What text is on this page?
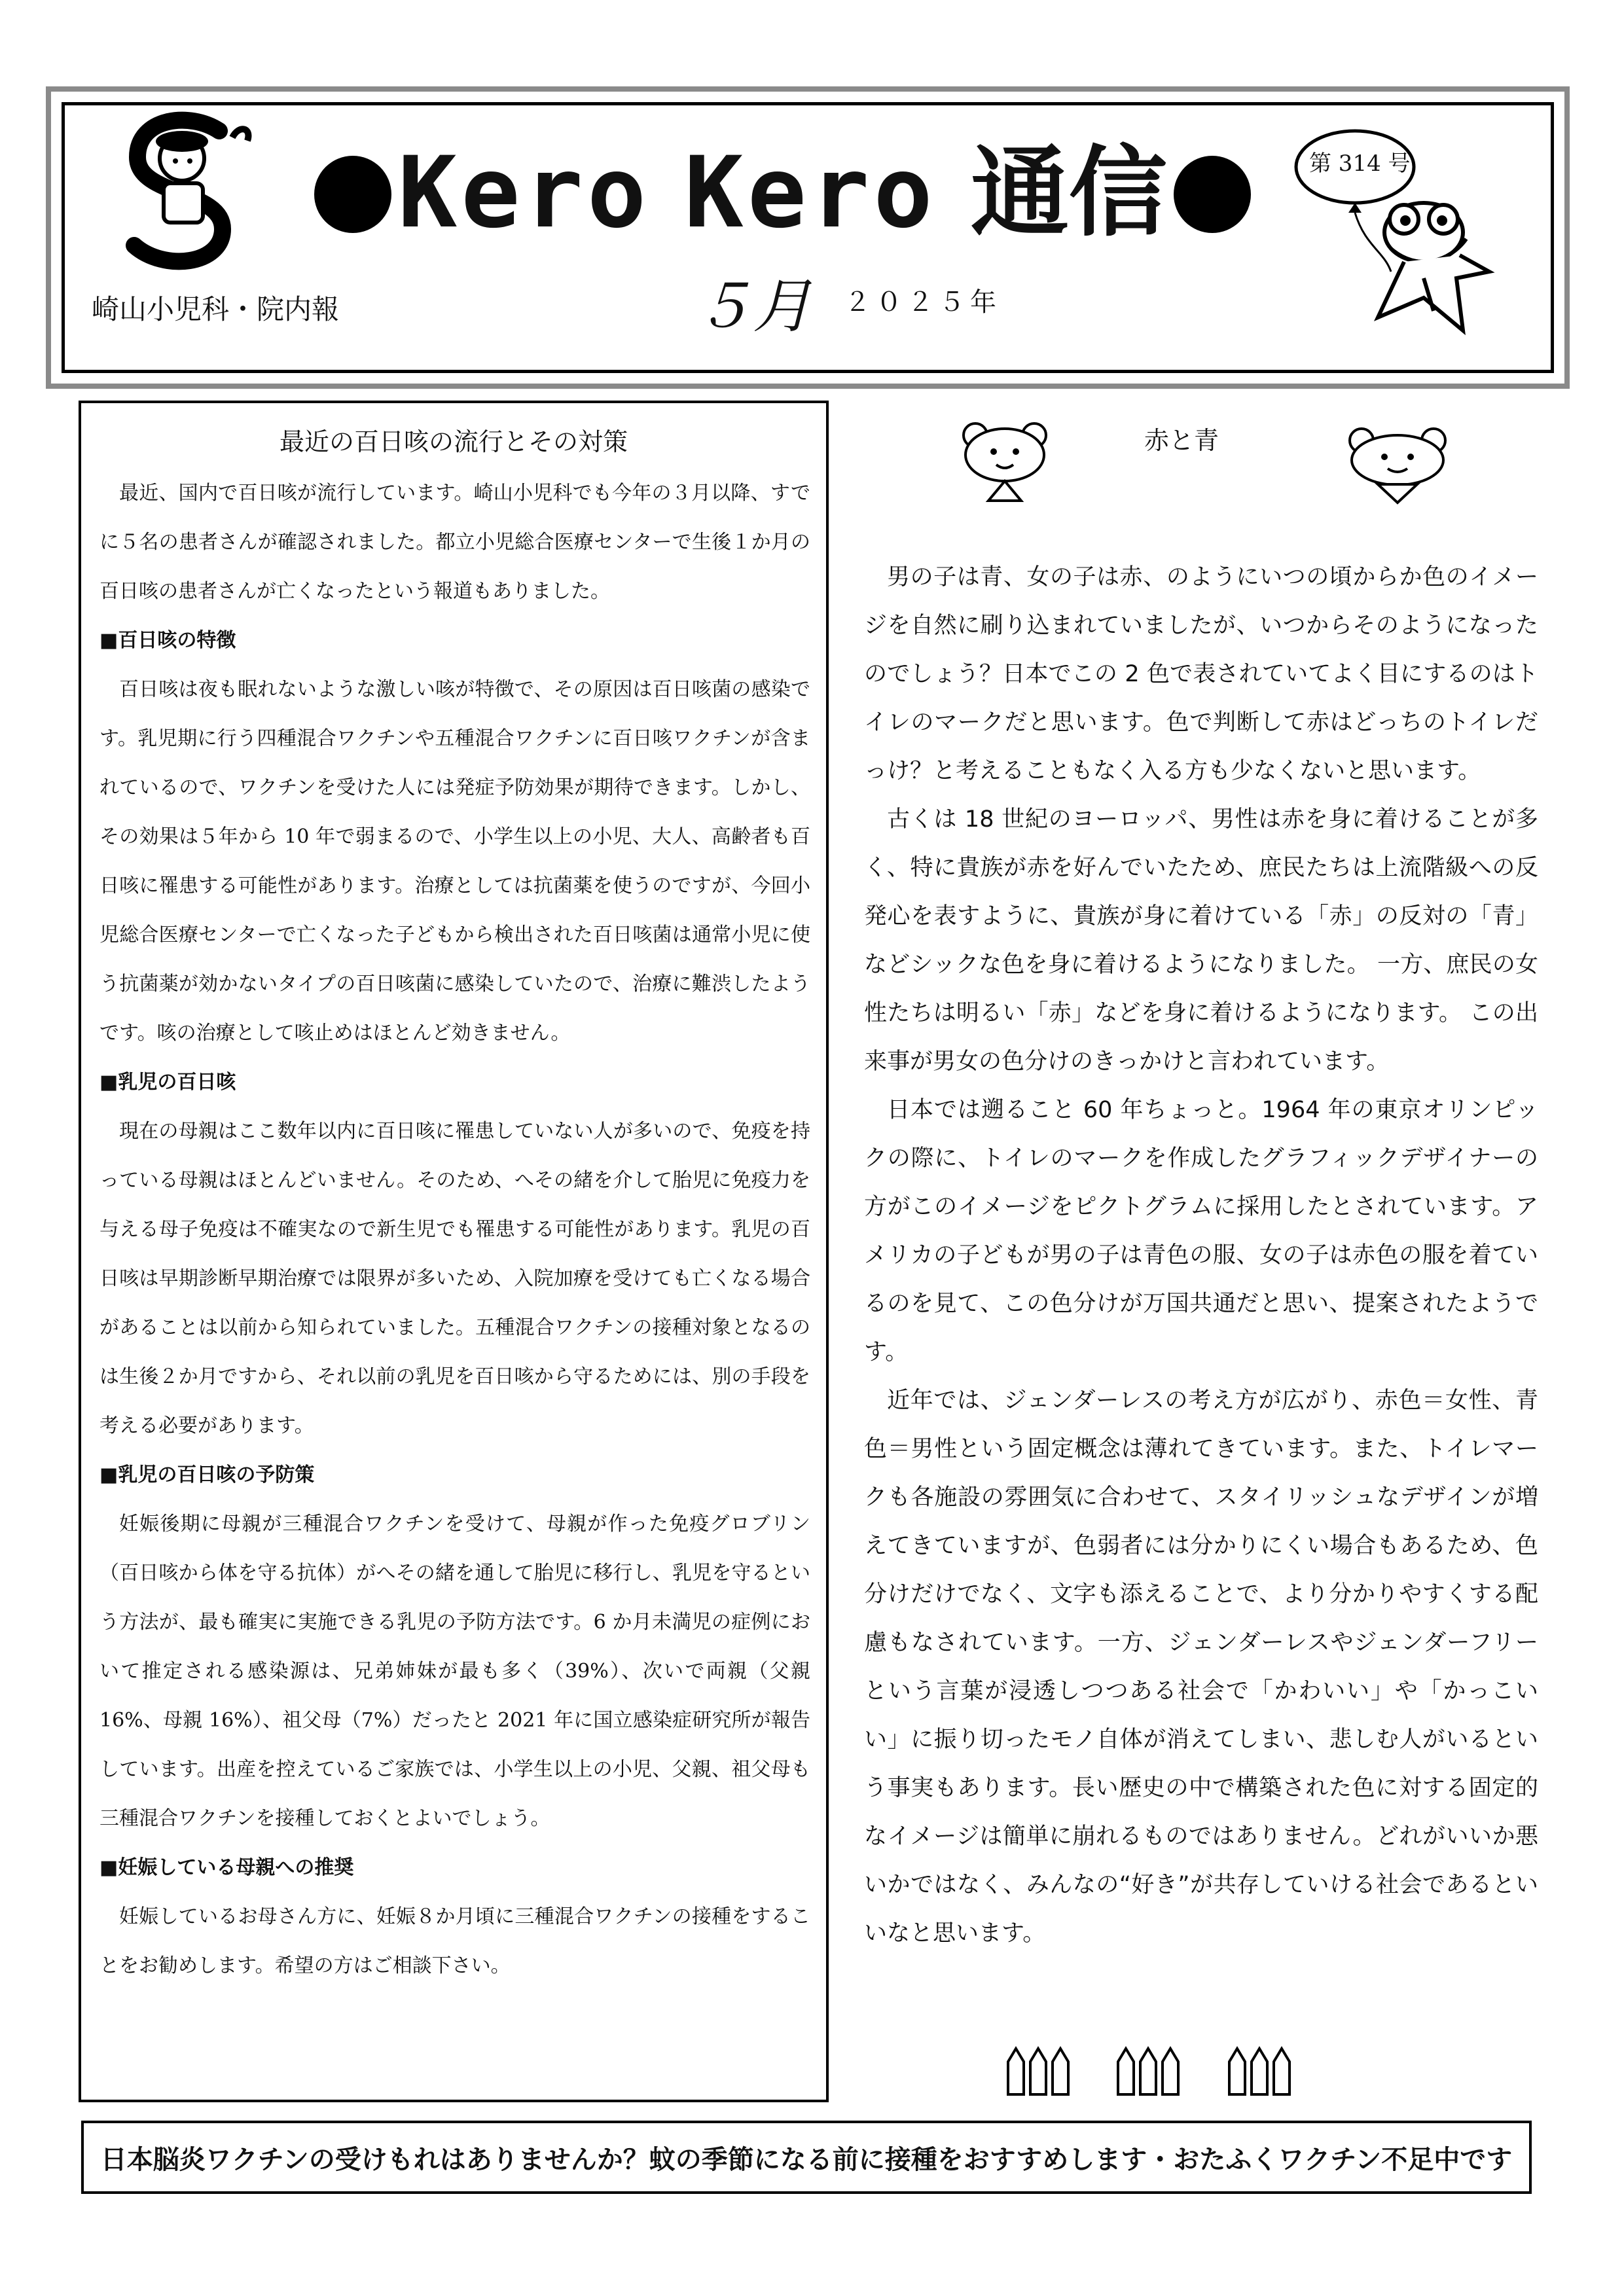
Kero Kero 通信
崎山小児科・院内報	５月 ２０２５年
第 314 号
最近の百日咳の流行とその対策

最近、国内で百日咳が流行しています。崎山小児科でも今年の３月以降、すでに５名の患者さんが確認されました。都立小児総合医療センターで生後１か月の百日咳の患者さんが亡くなったという報道もありました。

■百日咳の特徴

百日咳は夜も眠れないような激しい咳が特徴で、その原因は百日咳菌の感染です。乳児期に行う四種混合ワクチンや五種混合ワクチンに百日咳ワクチンが含まれているので、ワクチンを受けた人には発症予防効果が期待できます。しかし、その効果は５年から 10 年で弱まるので、小学生以上の小児、大人、高齢者も百日咳に罹患する可能性があります。治療としては抗菌薬を使うのですが、今回小児総合医療センターで亡くなった子どもから検出された百日咳菌は通常小児に使う抗菌薬が効かないタイプの百日咳菌に感染していたので、治療に難渋したようです。咳の治療として咳止めはほとんど効きません。

■乳児の百日咳

現在の母親はここ数年以内に百日咳に罹患していない人が多いので、免疫を持っている母親はほとんどいません。そのため、へその緒を介して胎児に免疫力を与える母子免疫は不確実なので新生児でも罹患する可能性があります。乳児の百日咳は早期診断早期治療では限界が多いため、入院加療を受けても亡くなる場合があることは以前から知られていました。五種混合ワクチンの接種対象となるのは生後２か月ですから、それ以前の乳児を百日咳から守るためには、別の手段を考える必要があります。

■乳児の百日咳の予防策

妊娠後期に母親が三種混合ワクチンを受けて、母親が作った免疫グロブリン（百日咳から体を守る抗体）がへその緒を通して胎児に移行し、乳児を守るという方法が、最も確実に実施できる乳児の予防方法です。6 か月未満児の症例において推定される感染源は、兄弟姉妹が最も多く（39%）、次いで両親（父親 16%、母親 16%）、祖父母（7%）だったと 2021 年に国立感染症研究所が報告しています。出産を控えているご家族では、小学生以上の小児、父親、祖父母も三種混合ワクチンを接種しておくとよいでしょう。

■妊娠している母親への推奨

妊娠しているお母さん方に、妊娠８か月頃に三種混合ワクチンの接種をすることをお勧めします。希望の方はご相談下さい。

赤と青

男の子は青、女の子は赤、のようにいつの頃からか色のイメージを自然に刷り込まれていましたが、いつからそのようになったのでしょう？日本でこの 2 色で表されていてよく目にするのはトイレのマークだと思います。色で判断して赤はどっちのトイレだっけ？と考えることもなく入る方も少なくないと思います。

古くは 18 世紀のヨーロッパ、男性は赤を身に着けることが多く、特に貴族が赤を好んでいたため、庶民たちは上流階級への反発心を表すように、貴族が身に着けている「赤」の反対の「青」などシックな色を身に着けるようになりました。 一方、庶民の女性たちは明るい「赤」などを身に着けるようになります。 この出来事が男女の色分けのきっかけと言われています。

日本では遡ること 60 年ちょっと。1964 年の東京オリンピックの際に、トイレのマークを作成したグラフィックデザイナーの方がこのイメージをピクトグラムに採用したとされています。アメリカの子どもが男の子は青色の服、女の子は赤色の服を着ているのを見て、この色分けが万国共通だと思い、提案されたようです。

近年では、ジェンダーレスの考え方が広がり、赤色＝女性、青色＝男性という固定概念は薄れてきています。また、トイレマークも各施設の雰囲気に合わせて、スタイリッシュなデザインが増えてきていますが、色弱者には分かりにくい場合もあるため、色分けだけでなく、文字も添えることで、より分かりやすくする配慮もなされています。一方、ジェンダーレスやジェンダーフリーという言葉が浸透しつつある社会で「かわいい」や「かっこいい」に振り切ったモノ自体が消えてしまい、悲しむ人がいるという事実もあります。長い歴史の中で構築された色に対する固定的なイメージは簡単に崩れるものではありません。どれがいいか悪いかではなく、みんなの“好き”が共存していける社会であるといいなと思います。

日本脳炎ワクチンの受けもれはありませんか？蚊の季節になる前に接種をおすすめします・おたふくワクチン不足中です
